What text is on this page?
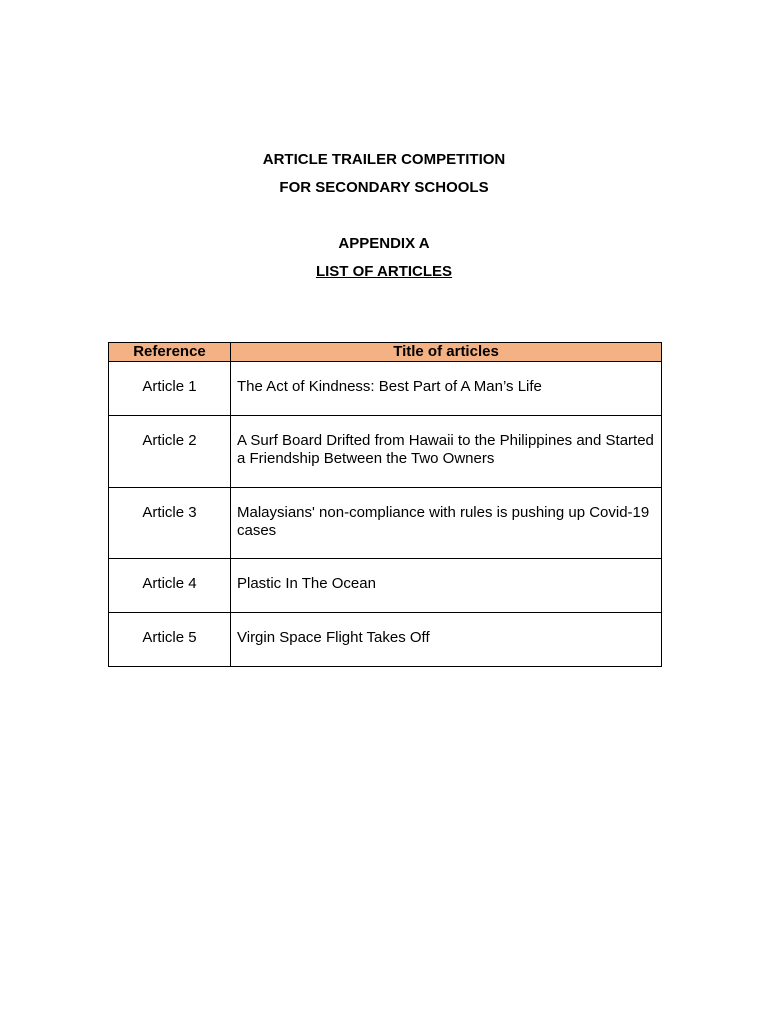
ARTICLE TRAILER COMPETITION

FOR SECONDARY SCHOOLS

APPENDIX A

LIST OF ARTICLES

Reference	Title of articles

Article 1	The Act of Kindness: Best Part of A Man’s Life

Article 2	A Surf Board Drifted from Hawaii to the Philippines and Started a Friendship Between the Two Owners

Article 3	Malaysians' non-compliance with rules is pushing up Covid-19 cases

Article 4	Plastic In The Ocean

Article 5	Virgin Space Flight Takes Off
